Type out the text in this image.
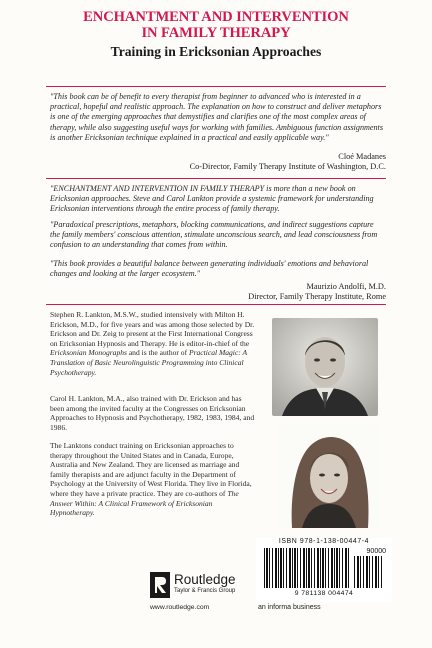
ENCHANTMENT AND INTERVENTION
IN FAMILY THERAPY
Training in Ericksonian Approaches
"This book can be of benefit to every therapist from beginner to advanced who is interested in a practical, hopeful and realistic approach. The explanation on how to construct and deliver metaphors is one of the emerging approaches that demystifies and clarifies one of the most complex areas of therapy, while also suggesting useful ways for working with families. Ambiguous function assignments is another Ericksonian technique explained in a practical and easily applicable way."
Cloé Madanes
Co-Director, Family Therapy Institute of Washington, D.C.
"ENCHANTMENT AND INTERVENTION IN FAMILY THERAPY is more than a new book on Ericksonian approaches. Steve and Carol Lankton provide a systemic framework for understanding Ericksonian interventions through the entire process of family therapy.
"Paradoxical prescriptions, metaphors, blocking communications, and indirect suggestions capture the family members' conscious attention, stimulate unconscious search, and lead consciousness from confusion to an understanding that comes from within.
"This book provides a beautiful balance between generating individuals' emotions and behavioral changes and looking at the larger ecosystem."
Maurizio Andolfi, M.D.
Director, Family Therapy Institute, Rome
Stephen R. Lankton, M.S.W., studied intensively with Milton H. Erickson, M.D., for five years and was among those selected by Dr. Erickson and Dr. Zeig to present at the First International Congress on Ericksonian Hypnosis and Therapy. He is editor-in-chief of the Ericksonian Monographs and is the author of Practical Magic: A Translation of Basic Neurolinguistic Programming into Clinical Psychotherapy.
Carol H. Lankton, M.A., also trained with Dr. Erickson and has been among the invited faculty at the Congresses on Ericksonian Approaches to Hypnosis and Psychotherapy, 1982, 1983, 1984, and 1986.
The Lanktons conduct training on Ericksonian approaches to therapy throughout the United States and in Canada, Europe, Australia and New Zealand. They are licensed as marriage and family therapists and are adjunct faculty in the Department of Psychology at the University of West Florida. They live in Florida, where they have a private practice. They are co-authors of The Answer Within: A Clinical Framework of Ericksonian Hypnotherapy.
Routledge
Taylor & Francis Group
www.routledge.com
ISBN 978-1-138-00447-4
90000
9 781138 004474
an informa business
